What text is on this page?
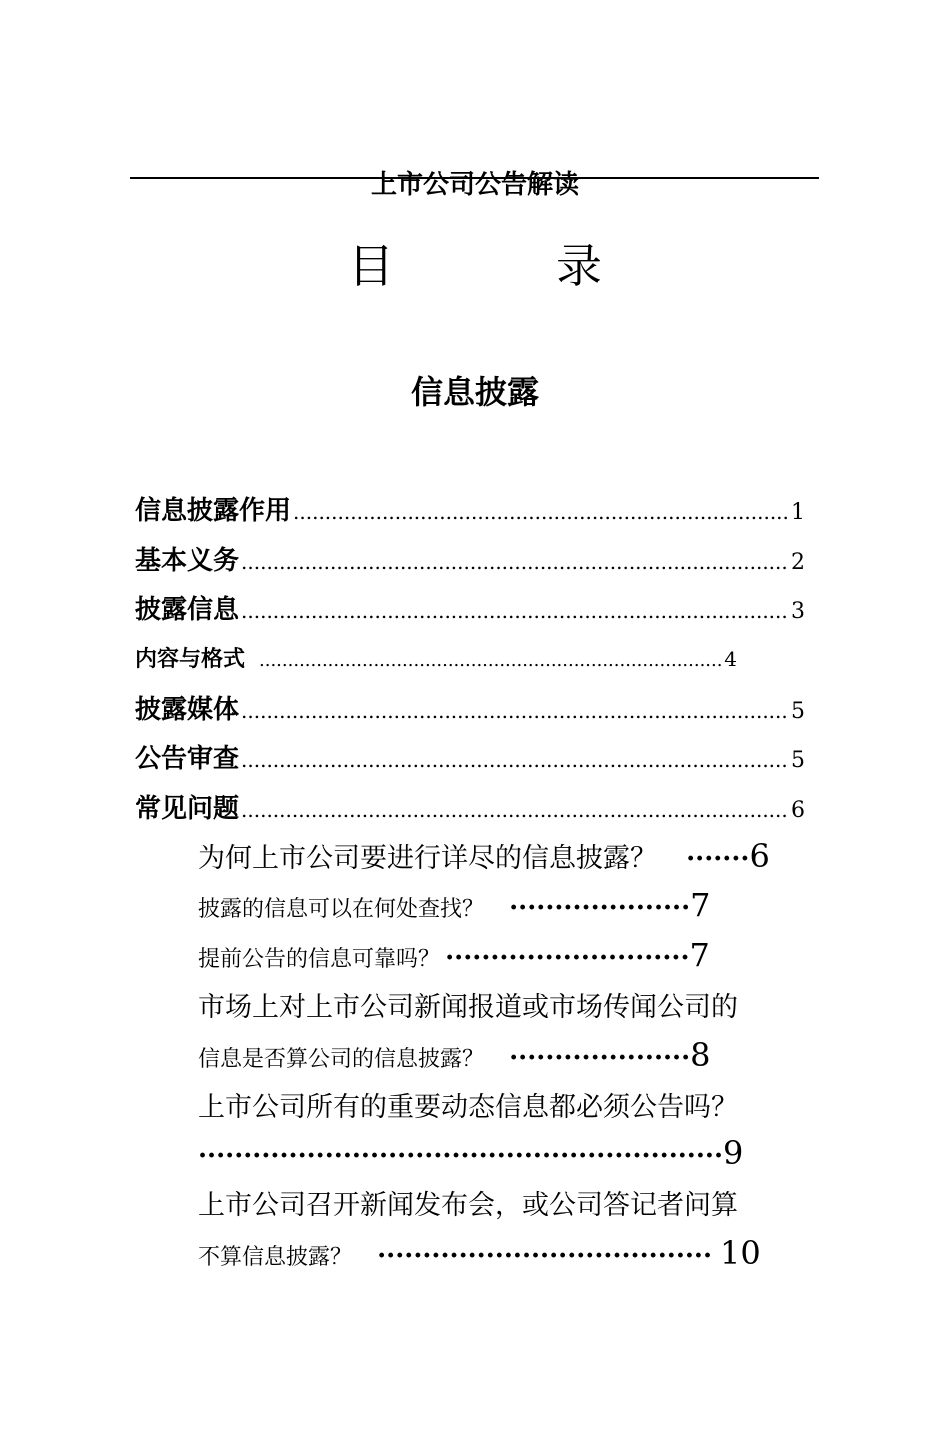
上市公司公告解读
目　录
信息披露
信息披露作用 .....	1
基本义务 .....	2
披露信息 .....	3
内容与格式 .....	4
披露媒体 .....	5
公告审查 .....	5
常见问题 .....	6
为何上市公司要进行详尽的信息披露？ .......6
披露的信息可以在何处查找？ ....................7
提前公告的信息可靠吗？ ...........................7
市场上对上市公司新闻报道或市场传闻公司的
信息是否算公司的信息披露？ ....................8
上市公司所有的重要动态信息都必须公告吗？
..........................................................9
上市公司召开新闻发布会，或公司答记者问算
不算信息披露？ ..................................... 10
